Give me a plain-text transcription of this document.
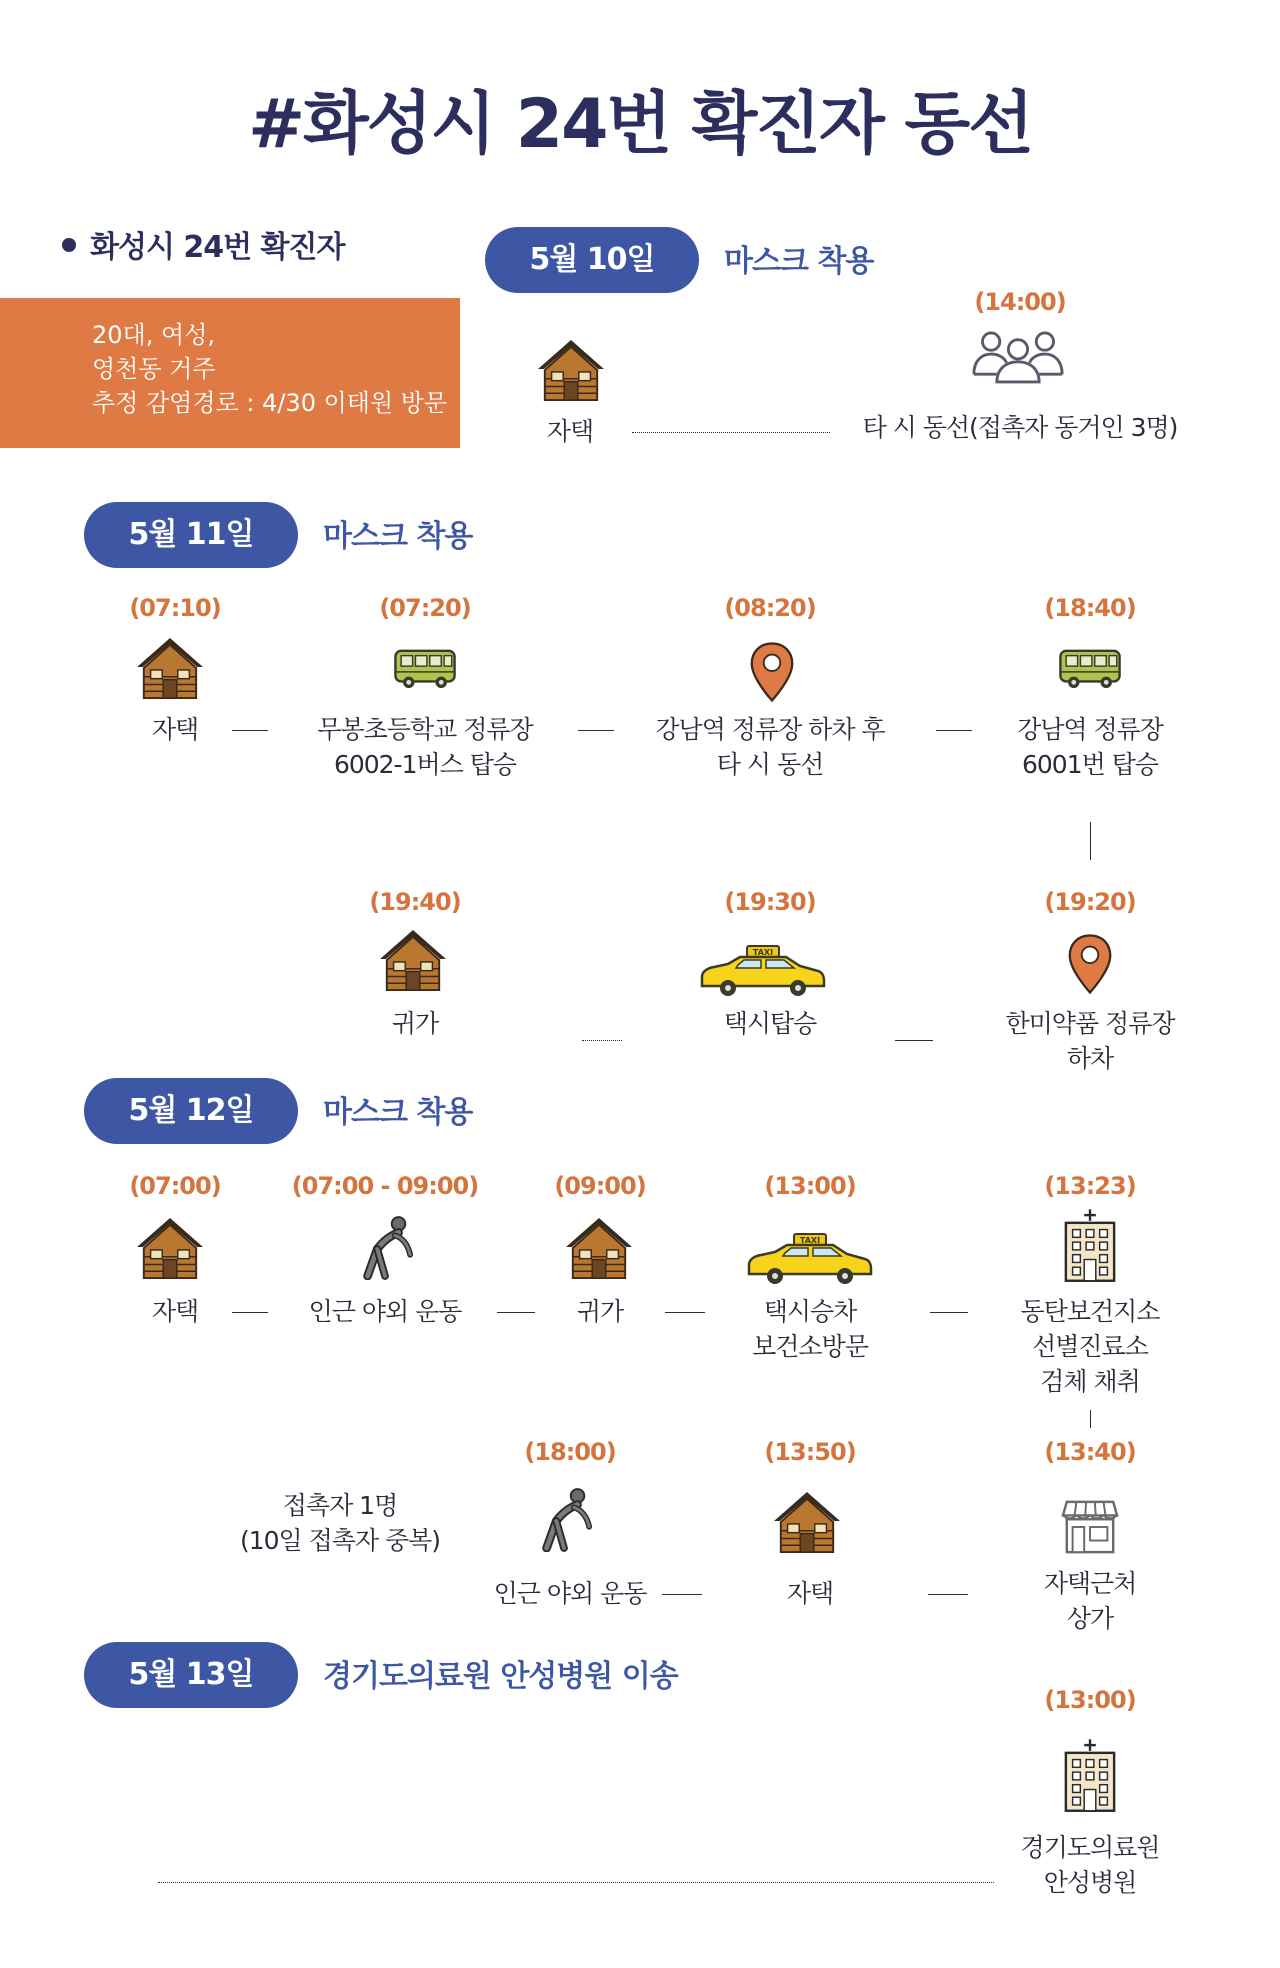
#화성시 24번 확진자 동선
화성시 24번 확진자
20대, 여성,
영천동 거주
추정 감염경로 : 4/30 이태원 방문
5월 10일	마스크 착용
자택
(14:00)
타 시 동선(접촉자 동거인 3명)
5월 11일	마스크 착용
(07:10)
자택
(07:20)
무봉초등학교 정류장
6002-1버스 탑승
(08:20)
강남역 정류장 하차 후
타 시 동선
(18:40)
강남역 정류장
6001번 탑승
(19:40)
귀가
(19:30)
택시탑승
(19:20)
한미약품 정류장
하차
5월 12일	마스크 착용
(07:00)
자택
(07:00 - 09:00)
인근 야외 운동
(09:00)
귀가
(13:00)
택시승차
보건소방문
(13:23)
동탄보건지소
선별진료소
검체 채취
접촉자 1명
(10일 접촉자 중복)
(18:00)
인근 야외 운동
(13:50)
자택
(13:40)
자택근처
상가
5월 13일	경기도의료원 안성병원 이송
(13:00)
경기도의료원
안성병원
